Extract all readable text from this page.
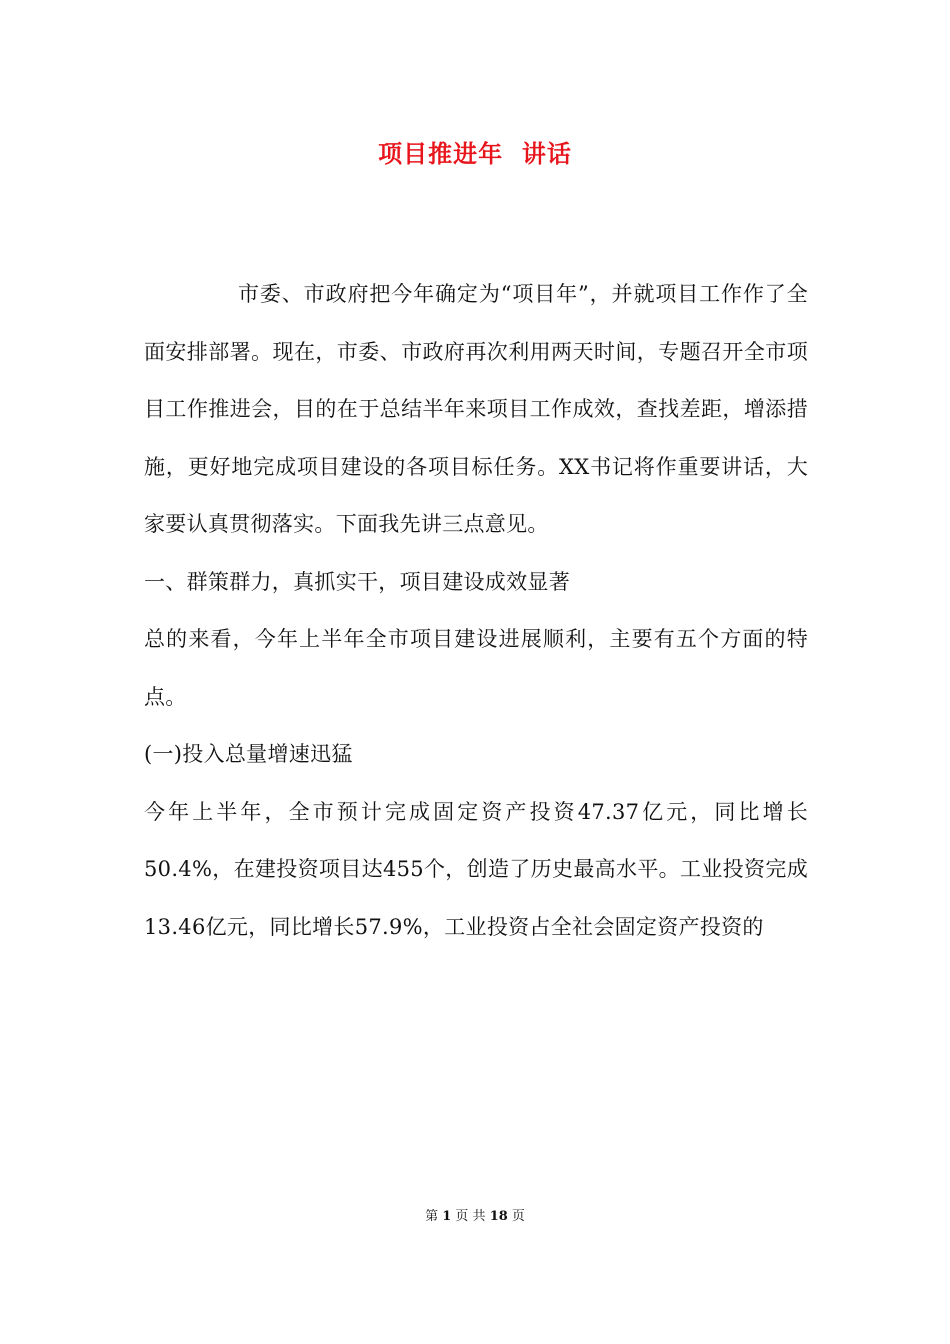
项目推进年  讲话

市委、市政府把今年确定为“项目年”，并就项目工作作了全面安排部署。现在，市委、市政府再次利用两天时间，专题召开全市项目工作推进会，目的在于总结半年来项目工作成效，查找差距，增添措施，更好地完成项目建设的各项目标任务。XX书记将作重要讲话，大家要认真贯彻落实。下面我先讲三点意见。

一、群策群力，真抓实干，项目建设成效显著

总的来看，今年上半年全市项目建设进展顺利，主要有五个方面的特点。

(一)投入总量增速迅猛

今年上半年，全市预计完成固定资产投资47.37亿元，同比增长50.4%，在建投资项目达455个，创造了历史最高水平。工业投资完成13.46亿元，同比增长57.9%，工业投资占全社会固定资产投资的

第 1 页 共 18 页
